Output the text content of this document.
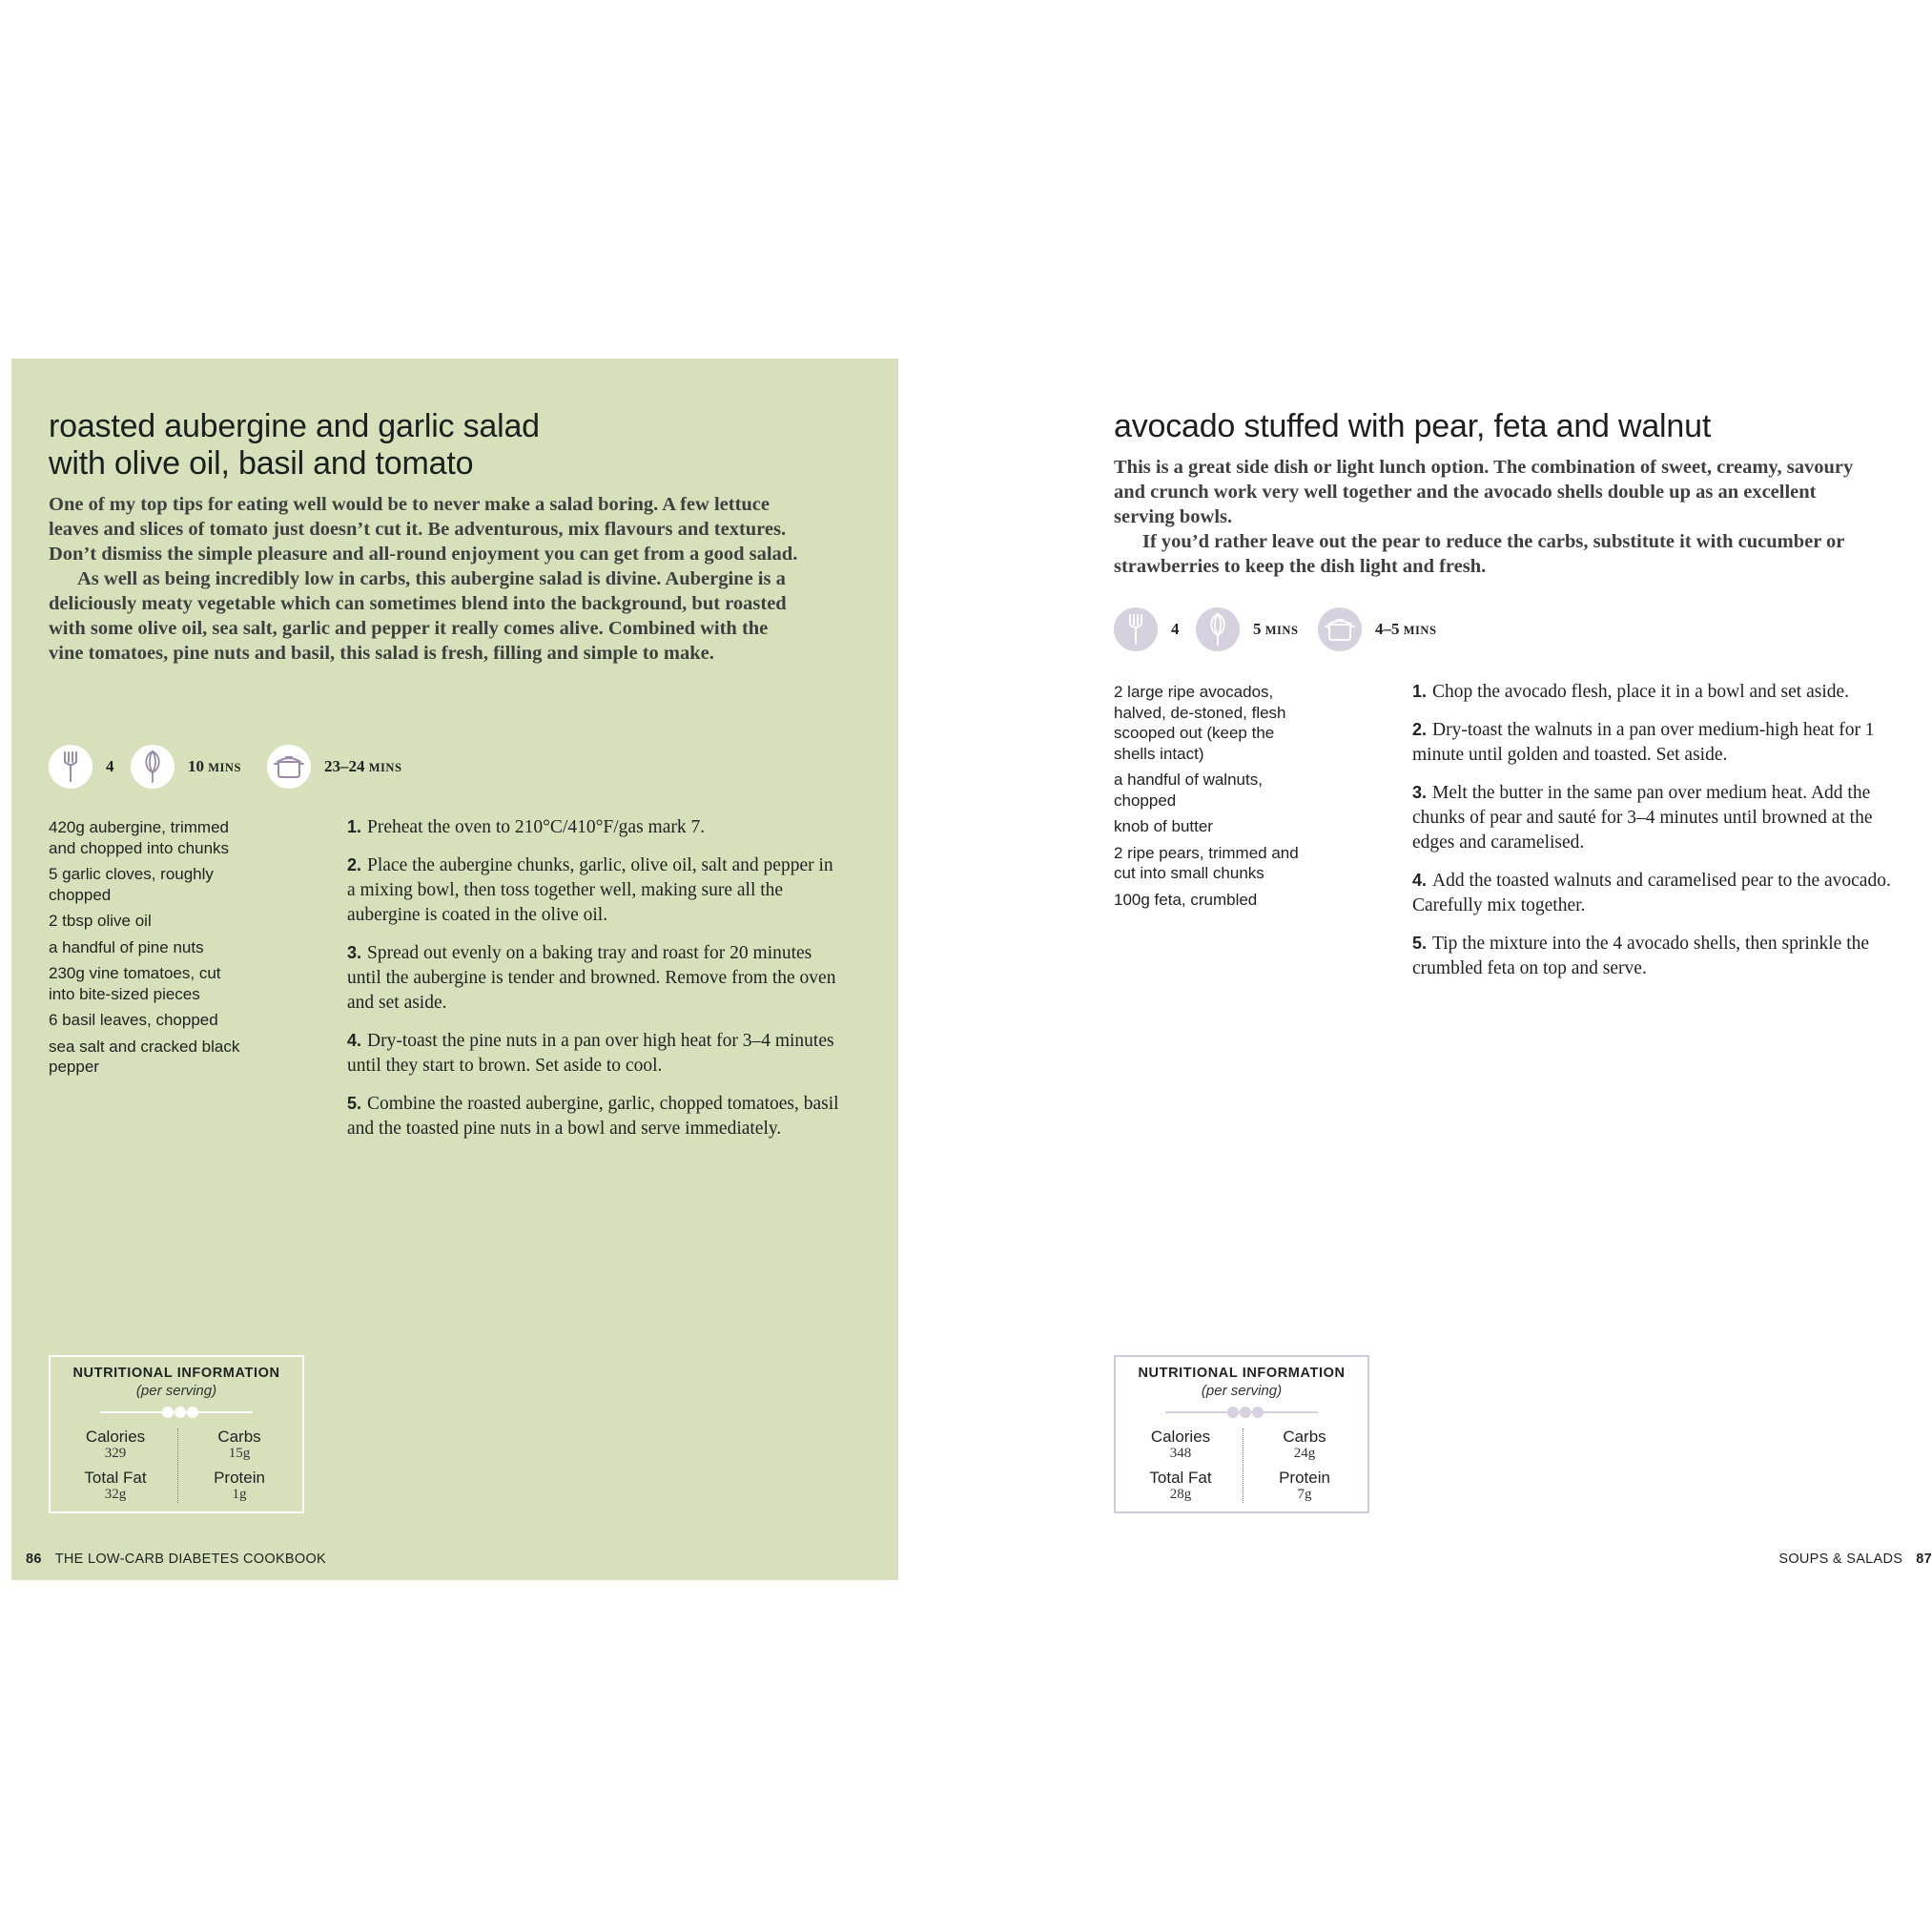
roasted aubergine and garlic salad
with olive oil, basil and tomato

One of my top tips for eating well would be to never make a salad boring. A few lettuce leaves and slices of tomato just doesn’t cut it. Be adventurous, mix flavours and textures. Don’t dismiss the simple pleasure and all-round enjoyment you can get from a good salad.

As well as being incredibly low in carbs, this aubergine salad is divine. Aubergine is a deliciously meaty vegetable which can sometimes blend into the background, but roasted with some olive oil, sea salt, garlic and pepper it really comes alive. Combined with the vine tomatoes, pine nuts and basil, this salad is fresh, filling and simple to make.

4	10 MINS	23–24 MINS
420g aubergine, trimmed
and chopped into chunks
5 garlic cloves, roughly
chopped
2 tbsp olive oil
a handful of pine nuts
230g vine tomatoes, cut
into bite-sized pieces
6 basil leaves, chopped
sea salt and cracked black
pepper
1. Preheat the oven to 210°C/410°F/gas mark 7.
2. Place the aubergine chunks, garlic, olive oil, salt and pepper in a mixing bowl, then toss together well, making sure all the aubergine is coated in the olive oil.
3. Spread out evenly on a baking tray and roast for 20 minutes until the aubergine is tender and browned. Remove from the oven and set aside.
4. Dry-toast the pine nuts in a pan over high heat for 3–4 minutes until they start to brown. Set aside to cool.
5. Combine the roasted aubergine, garlic, chopped tomatoes, basil and the toasted pine nuts in a bowl and serve immediately.
NUTRITIONAL INFORMATION
(per serving)
Calories
329
Carbs
15g
Total Fat
32g
Protein
1g
86 THE LOW-CARB DIABETES COOKBOOK
avocado stuffed with pear, feta and walnut

This is a great side dish or light lunch option. The combination of sweet, creamy, savoury and crunch work very well together and the avocado shells double up as an excellent serving bowls.

If you’d rather leave out the pear to reduce the carbs, substitute it with cucumber or strawberries to keep the dish light and fresh.

4	5 MINS	4–5 MINS
2 large ripe avocados,
halved, de-stoned, flesh
scooped out (keep the
shells intact)
a handful of walnuts,
chopped
knob of butter
2 ripe pears, trimmed and
cut into small chunks
100g feta, crumbled
1. Chop the avocado flesh, place it in a bowl and set aside.
2. Dry-toast the walnuts in a pan over medium-high heat for 1 minute until golden and toasted. Set aside.
3. Melt the butter in the same pan over medium heat. Add the chunks of pear and sauté for 3–4 minutes until browned at the edges and caramelised.
4. Add the toasted walnuts and caramelised pear to the avocado. Carefully mix together.
5. Tip the mixture into the 4 avocado shells, then sprinkle the crumbled feta on top and serve.
NUTRITIONAL INFORMATION
(per serving)
Calories
348
Carbs
24g
Total Fat
28g
Protein
7g
SOUPS & SALADS 87
